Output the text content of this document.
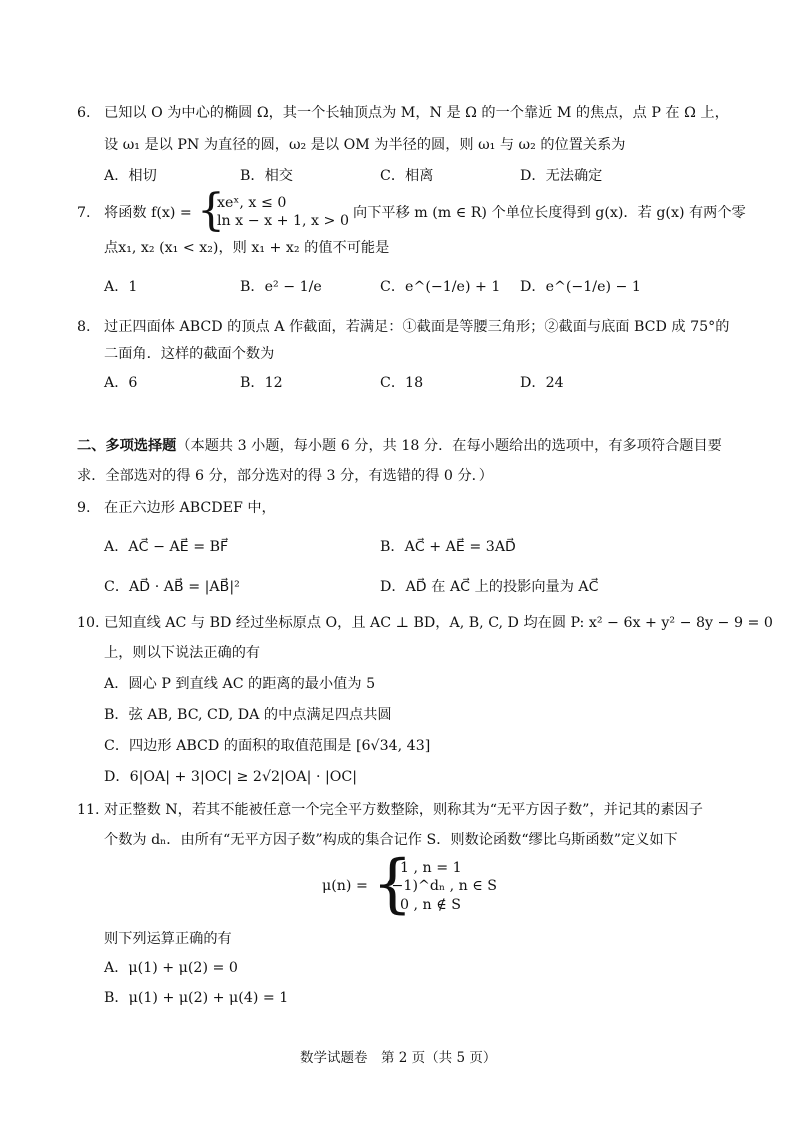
6. 已知以 O 为中心的椭圆 Ω，其一个长轴顶点为 M，N 是 Ω 的一个靠近 M 的焦点，点 P 在 Ω 上，
设 ω₁ 是以 PN 为直径的圆，ω₂ 是以 OM 为半径的圆，则 ω₁ 与 ω₂ 的位置关系为
A．相切	B．相交	C．相离	D．无法确定
7. 将函数 f(x) = {
xeˣ, x ≤ 0
ln x − x + 1, x > 0 向下平移 m (m ∈ R) 个单位长度得到 g(x)．若 g(x) 有两个零
点x₁, x₂ (x₁ < x₂)，则 x₁ + x₂ 的值不可能是
A．1	B．e² − 1/e	C．e^(−1/e) + 1 D．e^(−1/e) − 1
8. 过正四面体 ABCD 的顶点 A 作截面，若满足：①截面是等腰三角形；②截面与底面 BCD 成 75°的
二面角．这样的截面个数为
A．6	B．12	C．18	D．24
二、多项选择题（本题共 3 小题，每小题 6 分，共 18 分．在每小题给出的选项中，有多项符合题目要
求．全部选对的得 6 分，部分选对的得 3 分，有选错的得 0 分．）
9. 在正六边形 ABCDEF 中，
A．AC⃗ − AE⃗ = BF⃗	B．AC⃗ + AE⃗ = 3AD⃗
C．AD⃗ · AB⃗ = |AB⃗|²	D．AD⃗ 在 AC⃗ 上的投影向量为 AC⃗
10. 已知直线 AC 与 BD 经过坐标原点 O，且 AC ⊥ BD，A, B, C, D 均在圆 P: x² − 6x + y² − 8y − 9 = 0
上，则以下说法正确的有
A．圆心 P 到直线 AC 的距离的最小值为 5
B．弦 AB, BC, CD, DA 的中点满足四点共圆
C．四边形 ABCD 的面积的取值范围是 [6√34, 43]
D．6|OA| + 3|OC| ≥ 2√2|OA| · |OC|
11. 对正整数 N，若其不能被任意一个完全平方数整除，则称其为“无平方因子数”，并记其的素因子
个数为 dₙ．由所有“无平方因子数”构成的集合记作 S．则数论函数“缪比乌斯函数”定义如下
μ(n) = {
1 , n = 1
(−1)^dₙ , n ∈ S
0 , n ∉ S
则下列运算正确的有
A．μ(1) + μ(2) = 0
B．μ(1) + μ(2) + μ(4) = 1
数学试题卷　第 2 页（共 5 页）
